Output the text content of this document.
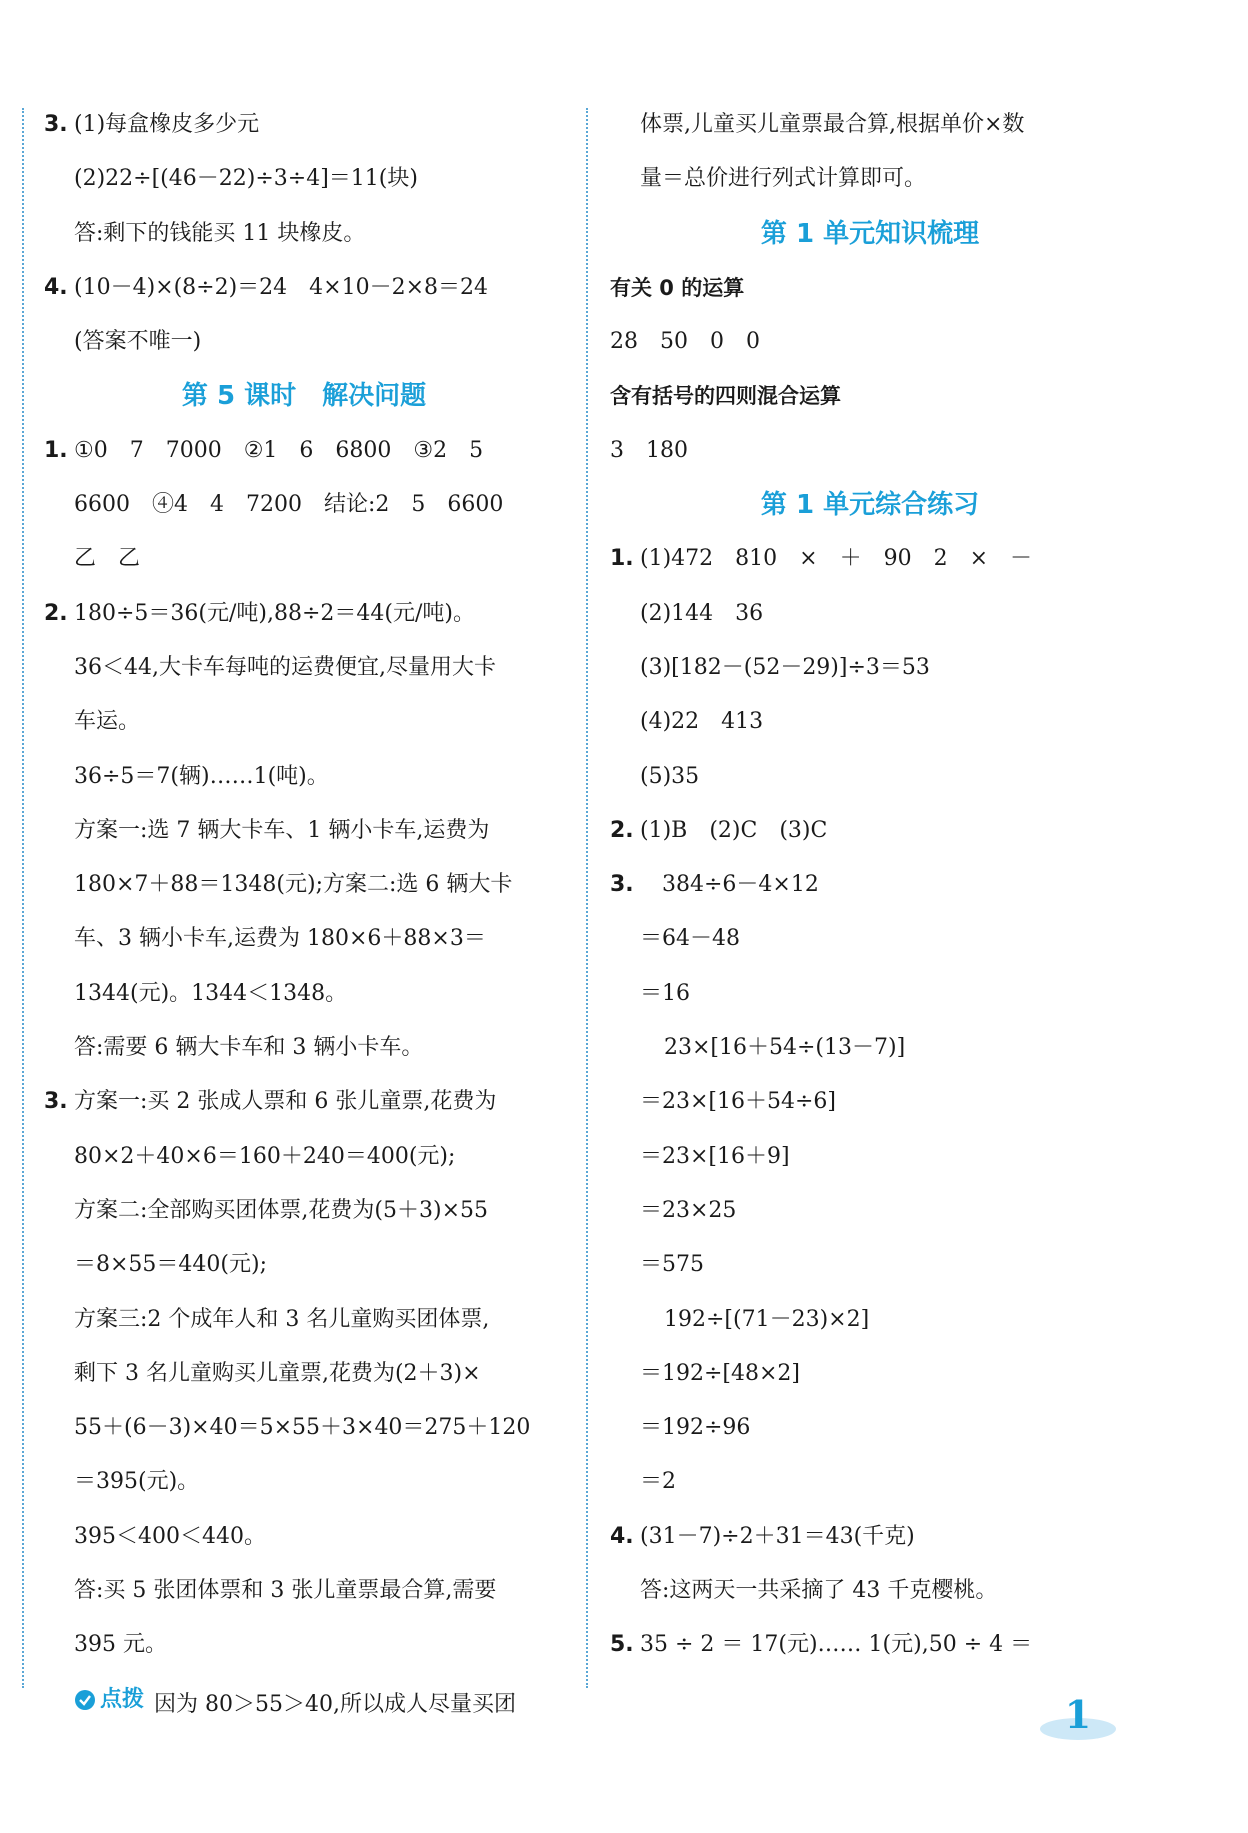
3. (1)每盒橡皮多少元
(2)22÷[(46－22)÷3÷4]＝11(块)
答:剩下的钱能买 11 块橡皮。
4. (10－4)×(8÷2)＝24　4×10－2×8＝24
(答案不唯一)
第 5 课时　解决问题
1. ①0　7　7000　②1　6　6800　③2　5
6600　④4　4　7200　结论:2　5　6600
乙　乙
2. 180÷5＝36(元/吨),88÷2＝44(元/吨)。
36＜44,大卡车每吨的运费便宜,尽量用大卡
车运。
36÷5＝7(辆)……1(吨)。
方案一:选 7 辆大卡车、1 辆小卡车,运费为
180×7＋88＝1348(元);方案二:选 6 辆大卡
车、3 辆小卡车,运费为 180×6＋88×3＝
1344(元)。1344＜1348。
答:需要 6 辆大卡车和 3 辆小卡车。
3. 方案一:买 2 张成人票和 6 张儿童票,花费为
80×2＋40×6＝160＋240＝400(元);
方案二:全部购买团体票,花费为(5＋3)×55
＝8×55＝440(元);
方案三:2 个成年人和 3 名儿童购买团体票,
剩下 3 名儿童购买儿童票,花费为(2＋3)×
55＋(6－3)×40＝5×55＋3×40＝275＋120
＝395(元)。
395＜400＜440。
答:买 5 张团体票和 3 张儿童票最合算,需要
395 元。
点拨 因为 80＞55＞40,所以成人尽量买团
体票,儿童买儿童票最合算,根据单价×数
量＝总价进行列式计算即可。
第 1 单元知识梳理
有关 0 的运算
28　50　0　0
含有括号的四则混合运算
3　180
第 1 单元综合练习
1. (1)472　810　×　＋　90　2　×　－
(2)144　36
(3)[182－(52－29)]÷3＝53
(4)22　413
(5)35
2. (1)B　(2)C　(3)C
3.　384÷6－4×12
＝64－48
＝16
23×[16＋54÷(13－7)]
＝23×[16＋54÷6]
＝23×[16＋9]
＝23×25
＝575
192÷[(71－23)×2]
＝192÷[48×2]
＝192÷96
＝2
4. (31－7)÷2＋31＝43(千克)
答:这两天一共采摘了 43 千克樱桃。
5. 35 ÷ 2 ＝ 17(元)…… 1(元),50 ÷ 4 ＝
1
